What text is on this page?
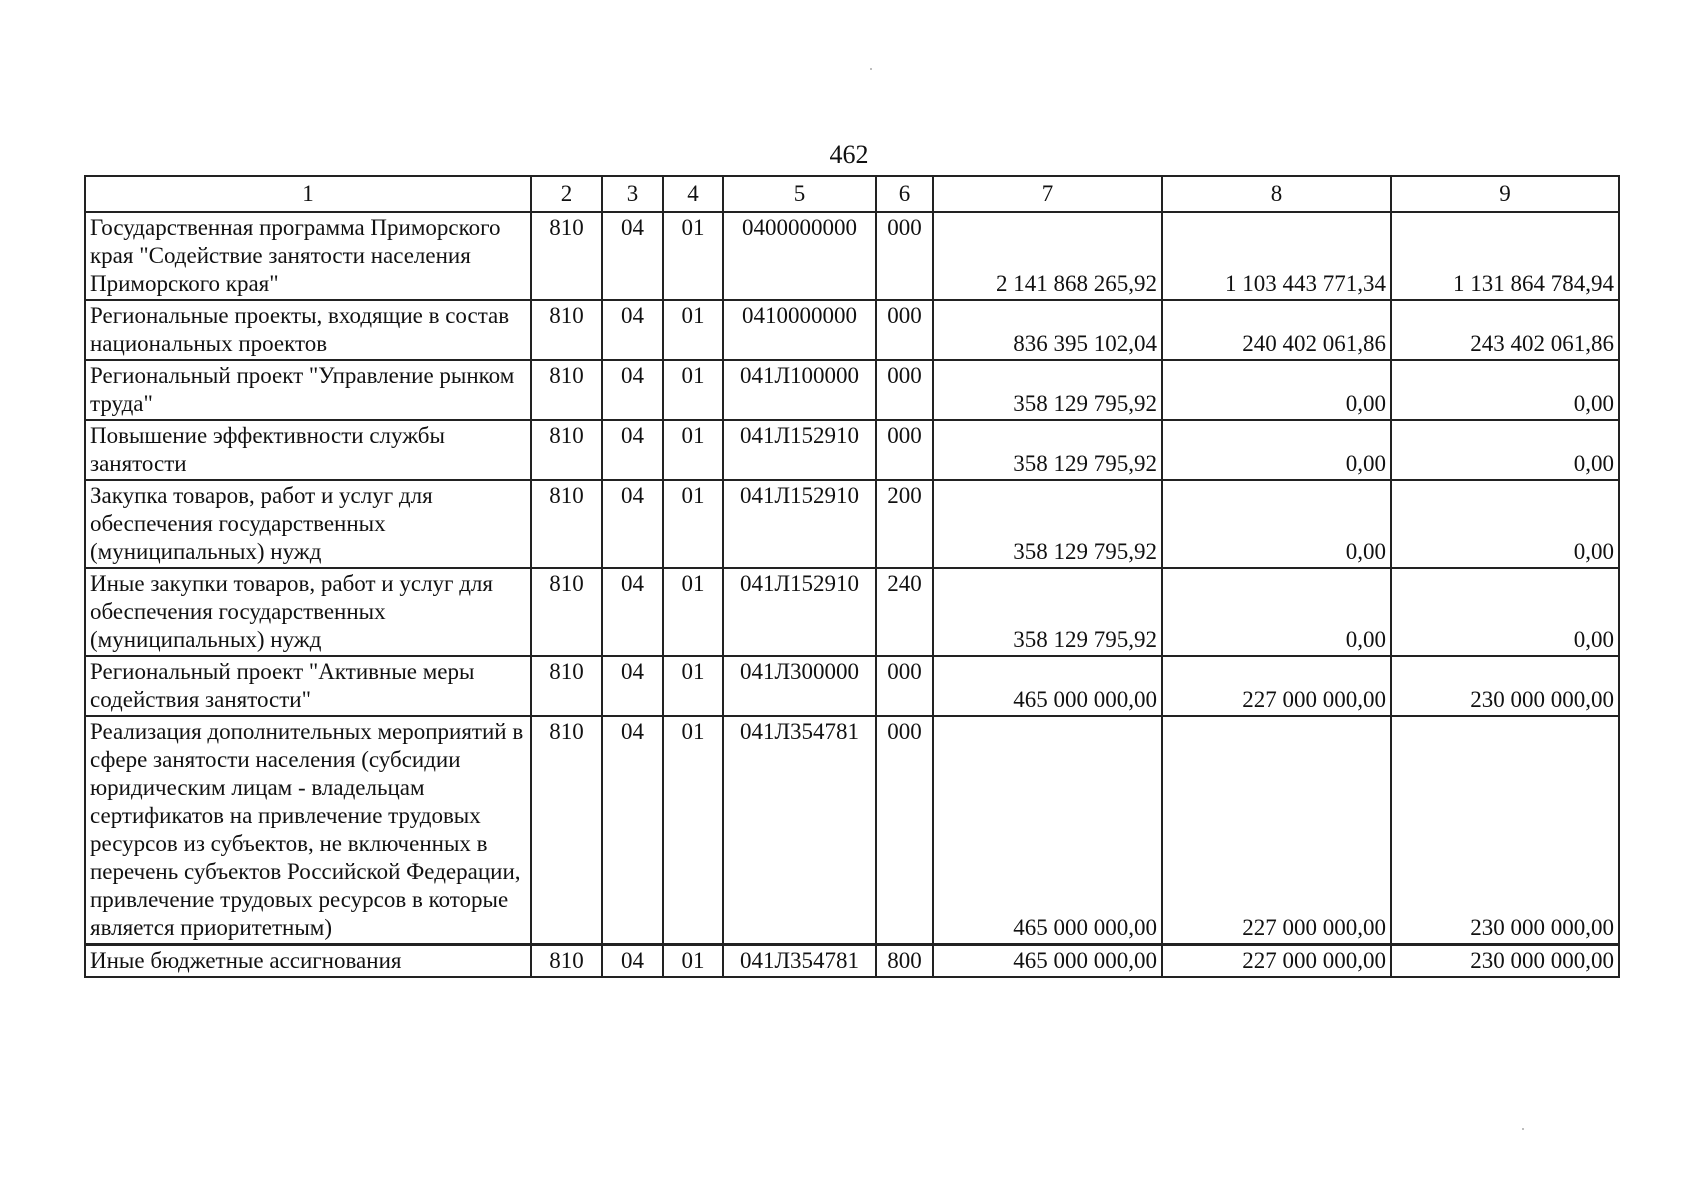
462
1	2	3	4	5	6	7	8	9
Государственная программа Приморского края "Содействие занятости населения Приморского края"	810	04	01	0400000000	000	2 141 868 265,92	1 103 443 771,34	1 131 864 784,94
Региональные проекты, входящие в состав национальных проектов	810	04	01	0410000000	000	836 395 102,04	240 402 061,86	243 402 061,86
Региональный проект "Управление рынком труда"	810	04	01	041Л100000	000	358 129 795,92	0,00	0,00
Повышение эффективности службы занятости	810	04	01	041Л152910	000	358 129 795,92	0,00	0,00
Закупка товаров, работ и услуг для обеспечения государственных (муниципальных) нужд	810	04	01	041Л152910	200	358 129 795,92	0,00	0,00
Иные закупки товаров, работ и услуг для обеспечения государственных (муниципальных) нужд	810	04	01	041Л152910	240	358 129 795,92	0,00	0,00
Региональный проект "Активные меры содействия занятости"	810	04	01	041Л300000	000	465 000 000,00	227 000 000,00	230 000 000,00
Реализация дополнительных мероприятий в сфере занятости населения (субсидии юридическим лицам - владельцам сертификатов на привлечение трудовых ресурсов из субъектов, не включенных в перечень субъектов Российской Федерации, привлечение трудовых ресурсов в которые является приоритетным)	810	04	01	041Л354781	000	465 000 000,00	227 000 000,00	230 000 000,00
Иные бюджетные ассигнования	810	04	01	041Л354781	800	465 000 000,00	227 000 000,00	230 000 000,00
